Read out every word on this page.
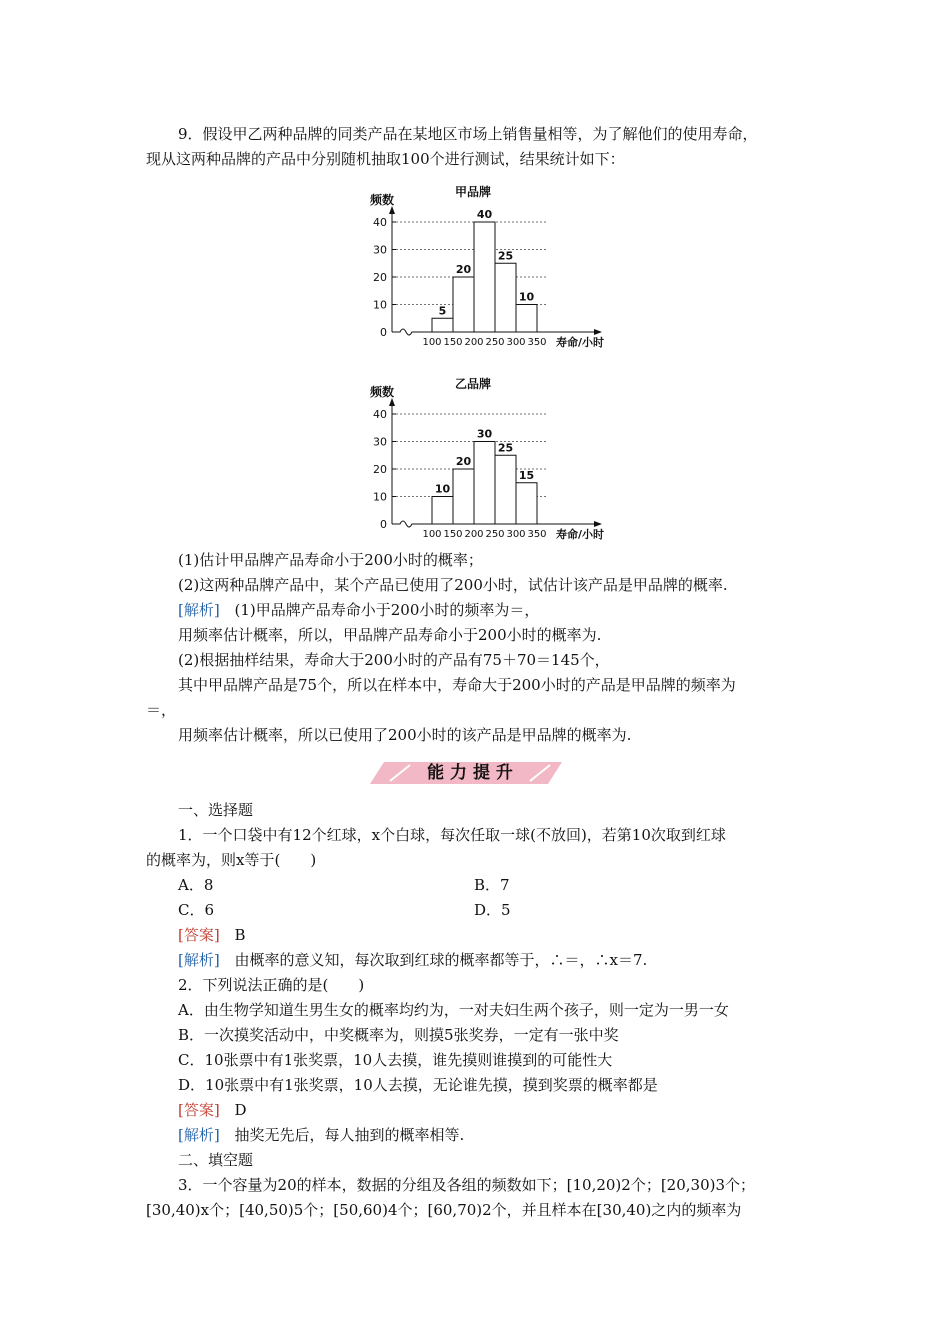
9．假设甲乙两种品牌的同类产品在某地区市场上销售量相等，为了解他们的使用寿命，
现从这两种品牌的产品中分别随机抽取100个进行测试，结果统计如下：
甲品牌
频数
0
10
20
30
40
5
20
40
25
10
100 150 200 250 300 350 寿命/小时
乙品牌
频数
0
10
20
30
40
10
20
30
25
15
100 150 200 250 300 350 寿命/小时
(1)估计甲品牌产品寿命小于200小时的概率；
(2)这两种品牌产品中，某个产品已使用了200小时，试估计该产品是甲品牌的概率.
[解析] (1)甲品牌产品寿命小于200小时的频率为＝，
用频率估计概率，所以，甲品牌产品寿命小于200小时的概率为.
(2)根据抽样结果，寿命大于200小时的产品有75＋70＝145个，
其中甲品牌产品是75个，所以在样本中，寿命大于200小时的产品是甲品牌的频率为
＝，
用频率估计概率，所以已使用了200小时的该产品是甲品牌的概率为.
能 力 提 升
一、选择题
1．一个口袋中有12个红球，x个白球，每次任取一球(不放回)，若第10次取到红球
的概率为，则x等于(　　)
A．8	B．7
C．6	D．5
[答案] B
[解析] 由概率的意义知，每次取到红球的概率都等于，∴＝，∴x＝7.
2．下列说法正确的是(　　)
A．由生物学知道生男生女的概率均约为，一对夫妇生两个孩子，则一定为一男一女
B．一次摸奖活动中，中奖概率为，则摸5张奖券，一定有一张中奖
C．10张票中有1张奖票，10人去摸，谁先摸则谁摸到的可能性大
D．10张票中有1张奖票，10人去摸，无论谁先摸，摸到奖票的概率都是
[答案] D
[解析] 抽奖无先后，每人抽到的概率相等.
二、填空题
3．一个容量为20的样本，数据的分组及各组的频数如下；[10,20)2个；[20,30)3个；
[30,40)x个；[40,50)5个；[50,60)4个；[60,70)2个，并且样本在[30,40)之内的频率为
